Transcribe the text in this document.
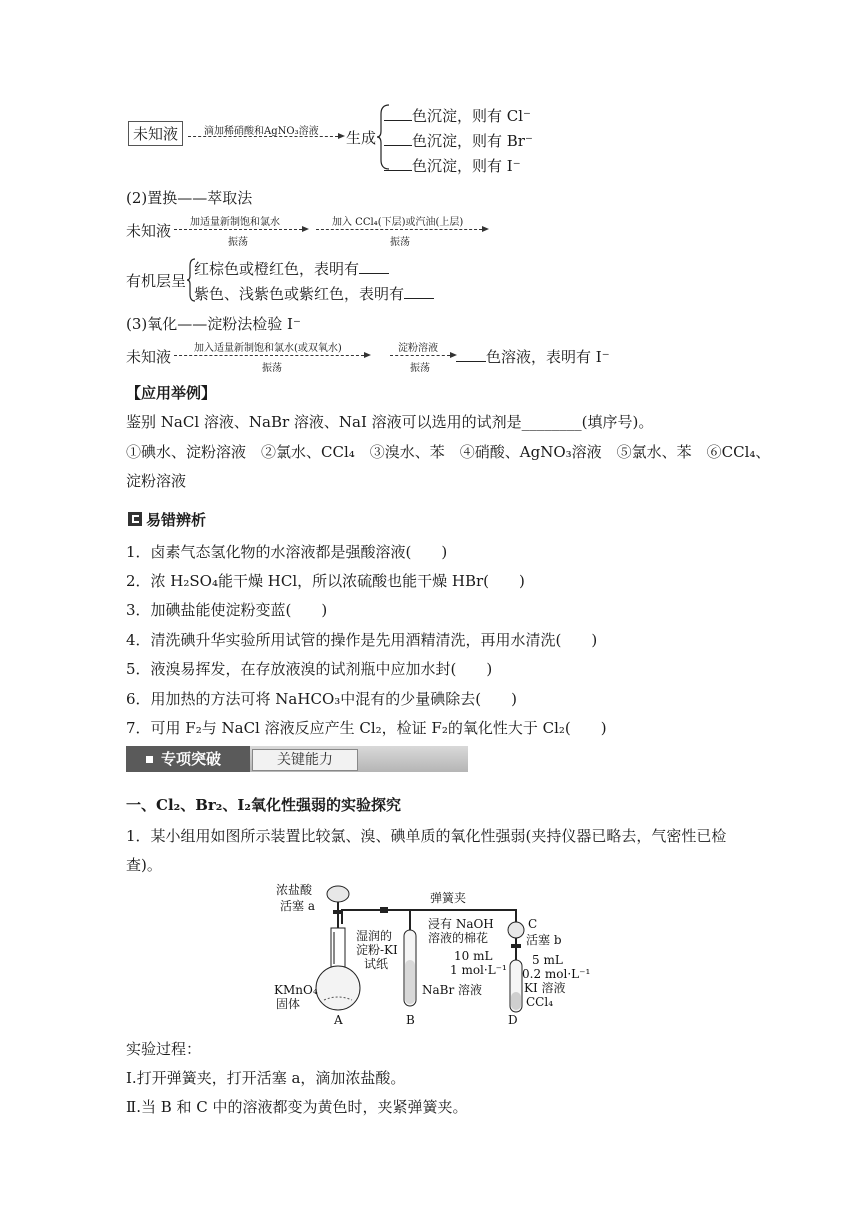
未知液	滴加稀硝酸和AgNO₃溶液 生成
色沉淀，则有 Cl⁻
色沉淀，则有 Br⁻
色沉淀，则有 I⁻
(2)置换——萃取法
未知液 加适量新制饱和氯水
振荡
加入 CCl₄(下层)或汽油(上层)
振荡
有机层呈
红棕色或橙红色，表明有
紫色、浅紫色或紫红色，表明有
(3)氧化——淀粉法检验 I⁻
未知液 加入适量新制饱和氯水(或双氧水)
振荡
淀粉溶液
振荡
色溶液，表明有 I⁻
【应用举例】
鉴别 NaCl 溶液、NaBr 溶液、NaI 溶液可以选用的试剂是________(填序号)。
①碘水、淀粉溶液　②氯水、CCl₄　③溴水、苯　④硝酸、AgNO₃溶液　⑤氯水、苯　⑥CCl₄、
淀粉溶液
易错辨析
1．卤素气态氢化物的水溶液都是强酸溶液(　　)
2．浓 H₂SO₄能干燥 HCl，所以浓硫酸也能干燥 HBr(　　)
3．加碘盐能使淀粉变蓝(　　)
4．清洗碘升华实验所用试管的操作是先用酒精清洗，再用水清洗(　　)
5．液溴易挥发，在存放液溴的试剂瓶中应加水封(　　)
6．用加热的方法可将 NaHCO₃中混有的少量碘除去(　　)
7．可用 F₂与 NaCl 溶液反应产生 Cl₂，检证 F₂的氧化性大于 Cl₂(　　)
专项突破	关键能力
一、Cl₂、Br₂、I₂氧化性强弱的实验探究
1．某小组用如图所示装置比较氯、溴、碘单质的氧化性强弱(夹持仪器已略去，气密性已检
查)。
浓盐酸
活塞 a
弹簧夹
浸有 NaOH
溶液的棉花
C
活塞 b
湿润的
淀粉-KI
试纸
10 mL
1 mol·L⁻¹
5 mL
0.2 mol·L⁻¹
KI 溶液
CCl₄
KMnO₄
固体
NaBr 溶液
A	B	D
实验过程：
Ⅰ.打开弹簧夹，打开活塞 a，滴加浓盐酸。
Ⅱ.当 B 和 C 中的溶液都变为黄色时，夹紧弹簧夹。
